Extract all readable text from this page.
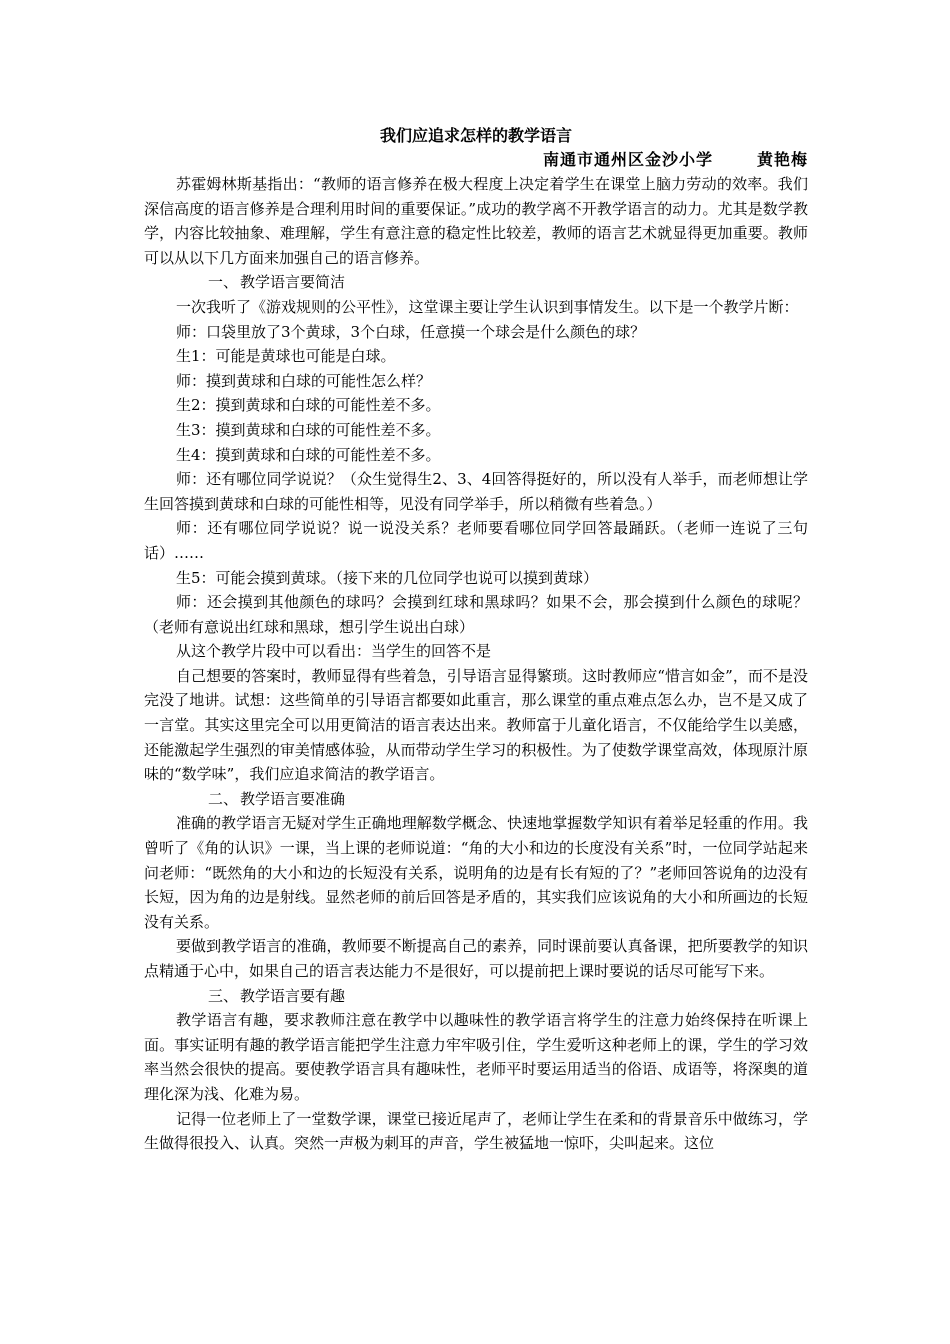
我们应追求怎样的教学语言
南通市通州区金沙小学	黄艳梅

苏霍姆林斯基指出：“教师的语言修养在极大程度上决定着学生在课堂上脑力劳动的效率。我们深信高度的语言修养是合理利用时间的重要保证。”成功的教学离不开教学语言的动力。尤其是数学教学，内容比较抽象、难理解，学生有意注意的稳定性比较差，教师的语言艺术就显得更加重要。教师可以从以下几方面来加强自己的语言修养。

一、 教学语言要简洁

一次我听了《游戏规则的公平性》，这堂课主要让学生认识到事情发生。以下是一个教学片断：

师：口袋里放了3个黄球，3个白球，任意摸一个球会是什么颜色的球？

生1：可能是黄球也可能是白球。

师：摸到黄球和白球的可能性怎么样？

生2：摸到黄球和白球的可能性差不多。

生3：摸到黄球和白球的可能性差不多。

生4：摸到黄球和白球的可能性差不多。

师：还有哪位同学说说？（众生觉得生2、3、4回答得挺好的，所以没有人举手，而老师想让学生回答摸到黄球和白球的可能性相等，见没有同学举手，所以稍微有些着急。）

师：还有哪位同学说说？说一说没关系？老师要看哪位同学回答最踊跃。（老师一连说了三句话）……

生5：可能会摸到黄球。（接下来的几位同学也说可以摸到黄球）

师：还会摸到其他颜色的球吗？会摸到红球和黑球吗？如果不会，那会摸到什么颜色的球呢？（老师有意说出红球和黑球，想引学生说出白球）

从这个教学片段中可以看出：当学生的回答不是

自己想要的答案时，教师显得有些着急，引导语言显得繁琐。这时教师应“惜言如金”，而不是没完没了地讲。试想：这些简单的引导语言都要如此重言，那么课堂的重点难点怎么办，岂不是又成了一言堂。其实这里完全可以用更简洁的语言表达出来。教师富于儿童化语言，不仅能给学生以美感，还能激起学生强烈的审美情感体验，从而带动学生学习的积极性。为了使数学课堂高效，体现原汁原味的“数学味”，我们应追求简洁的教学语言。

二、 教学语言要准确

准确的教学语言无疑对学生正确地理解数学概念、快速地掌握数学知识有着举足轻重的作用。我曾听了《角的认识》一课，当上课的老师说道：“角的大小和边的长度没有关系”时，一位同学站起来问老师：“既然角的大小和边的长短没有关系，说明角的边是有长有短的了？”老师回答说角的边没有长短，因为角的边是射线。显然老师的前后回答是矛盾的，其实我们应该说角的大小和所画边的长短没有关系。

要做到教学语言的准确，教师要不断提高自己的素养，同时课前要认真备课，把所要教学的知识点精通于心中，如果自己的语言表达能力不是很好，可以提前把上课时要说的话尽可能写下来。

三、 教学语言要有趣

教学语言有趣，要求教师注意在教学中以趣味性的教学语言将学生的注意力始终保持在听课上面。事实证明有趣的教学语言能把学生注意力牢牢吸引住，学生爱听这种老师上的课，学生的学习效率当然会很快的提高。要使教学语言具有趣味性，老师平时要运用适当的俗语、成语等，将深奥的道理化深为浅、化难为易。

记得一位老师上了一堂数学课，课堂已接近尾声了，老师让学生在柔和的背景音乐中做练习，学生做得很投入、认真。突然一声极为刺耳的声音，学生被猛地一惊吓，尖叫起来。这位
